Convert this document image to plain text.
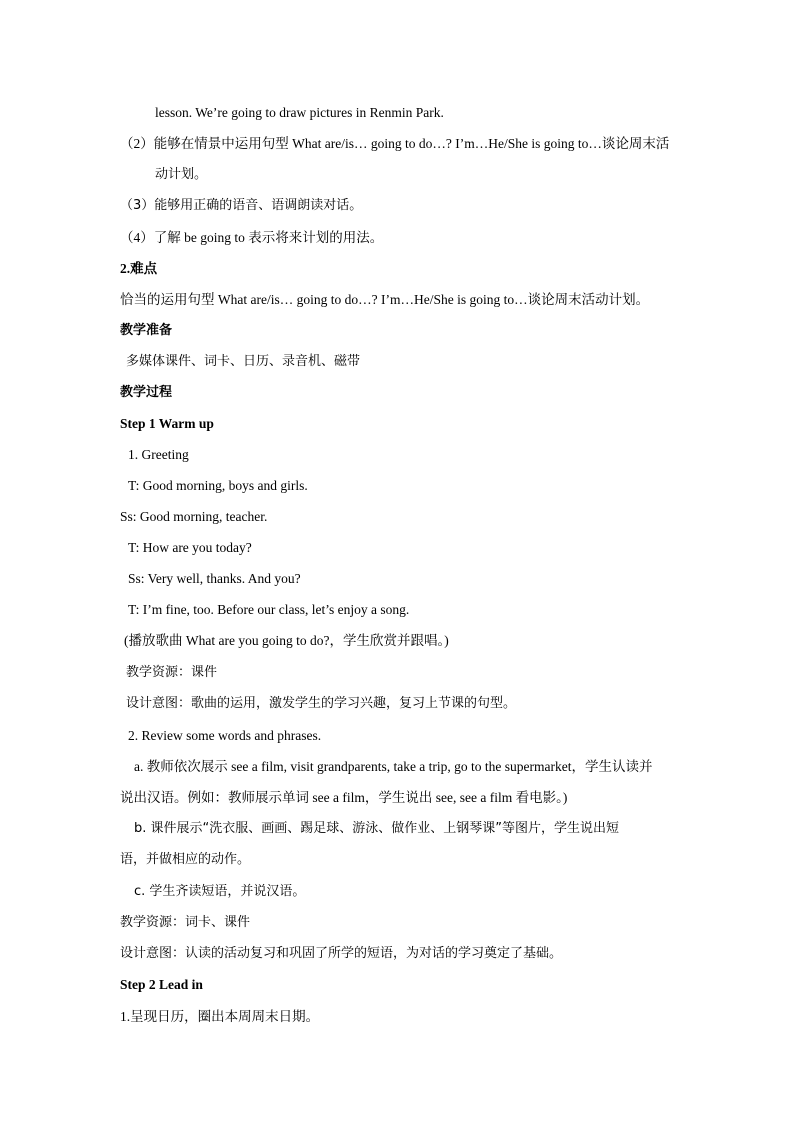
lesson. We’re going to draw pictures in Renmin Park.
（2）能够在情景中运用句型 What are/is… going to do…? I’m…He/She is going to…谈论周末活
动计划。
（3）能够用正确的语音、语调朗读对话。
（4）了解 be going to 表示将来计划的用法。
2.难点
恰当的运用句型 What are/is… going to do…? I’m…He/She is going to…谈论周末活动计划。
教学准备
多媒体课件、词卡、日历、录音机、磁带
教学过程
Step 1 Warm up
1. Greeting
T: Good morning, boys and girls.
Ss: Good morning, teacher.
T: How are you today?
Ss: Very well, thanks. And you?
T: I’m fine, too. Before our class, let’s enjoy a song.
(播放歌曲 What are you going to do?，学生欣赏并跟唱。)
教学资源：课件
设计意图：歌曲的运用，激发学生的学习兴趣，复习上节课的句型。
2. Review some words and phrases.
a. 教师依次展示 see a film, visit grandparents, take a trip, go to the supermarket，学生认读并
说出汉语。例如：教师展示单词 see a film，学生说出 see, see a film 看电影。)
b. 课件展示“洗衣服、画画、踢足球、游泳、做作业、上钢琴课”等图片，学生说出短
语，并做相应的动作。
c. 学生齐读短语，并说汉语。
教学资源：词卡、课件
设计意图：认读的活动复习和巩固了所学的短语，为对话的学习奠定了基础。
Step 2 Lead in
1.呈现日历，圈出本周周末日期。
